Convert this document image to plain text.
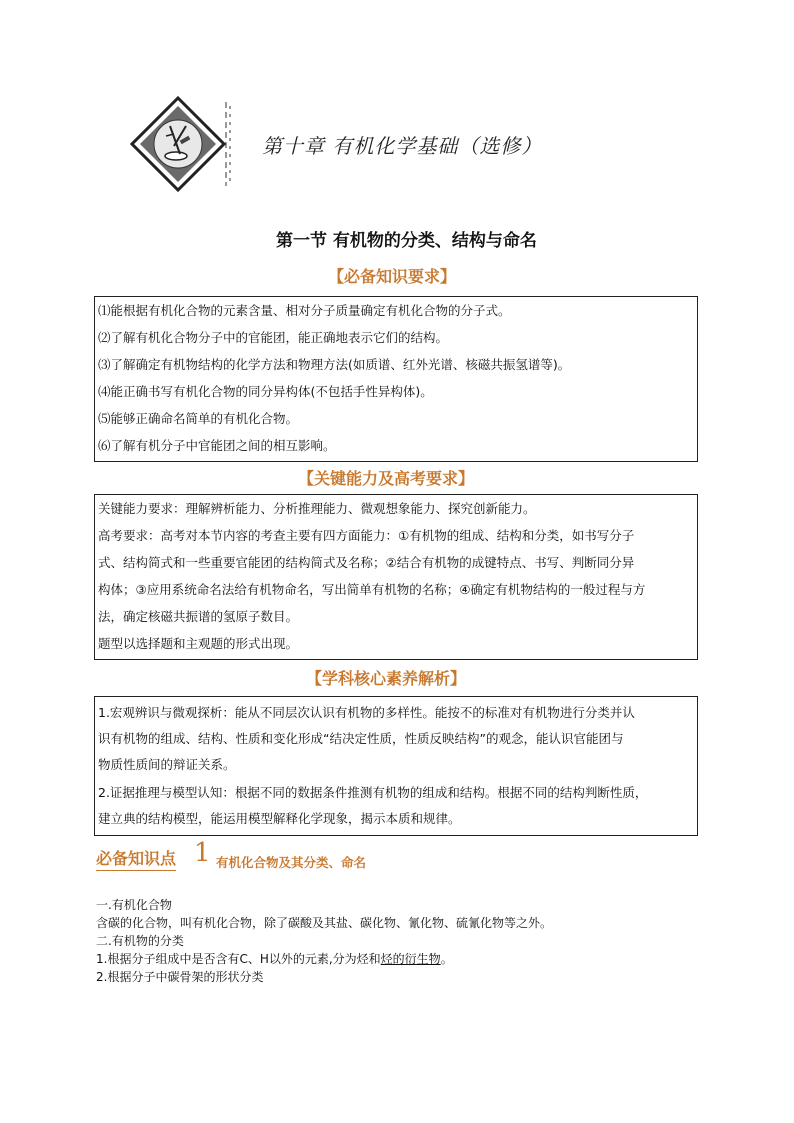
第十章 有机化学基础（选修）
第一节 有机物的分类、结构与命名
【必备知识要求】
⑴能根据有机化合物的元素含量、相对分子质量确定有机化合物的分子式。
⑵了解有机化合物分子中的官能团，能正确地表示它们的结构。
⑶了解确定有机物结构的化学方法和物理方法(如质谱、红外光谱、核磁共振氢谱等)。
⑷能正确书写有机化合物的同分异构体(不包括手性异构体)。
⑸能够正确命名简单的有机化合物。
⑹了解有机分子中官能团之间的相互影响。
【关键能力及高考要求】
关键能力要求：理解辨析能力、分析推理能力、微观想象能力、探究创新能力。
高考要求：高考对本节内容的考查主要有四方面能力：①有机物的组成、结构和分类，如书写分子
式、结构简式和一些重要官能团的结构简式及名称；②结合有机物的成键特点、书写、判断同分异
构体；③应用系统命名法给有机物命名，写出简单有机物的名称；④确定有机物结构的一般过程与方
法，确定核磁共振谱的氢原子数目。
题型以选择题和主观题的形式出现。
【学科核心素养解析】
1.宏观辨识与微观探析：能从不同层次认识有机物的多样性。能按不的标准对有机物进行分类并认
识有机物的组成、结构、性质和变化形成“结决定性质，性质反映结构”的观念，能认识官能团与
物质性质间的辩证关系。
2.证据推理与模型认知：根据不同的数据条件推测有机物的组成和结构。根据不同的结构判断性质，
建立典的结构模型，能运用模型解释化学现象，揭示本质和规律。
必备知识点 1 有机化合物及其分类、命名
一.有机化合物
含碳的化合物，叫有机化合物，除了碳酸及其盐、碳化物、氰化物、硫氰化物等之外。
二.有机物的分类
1.根据分子组成中是否含有C、H以外的元素,分为烃和烃的衍生物。
2.根据分子中碳骨架的形状分类
